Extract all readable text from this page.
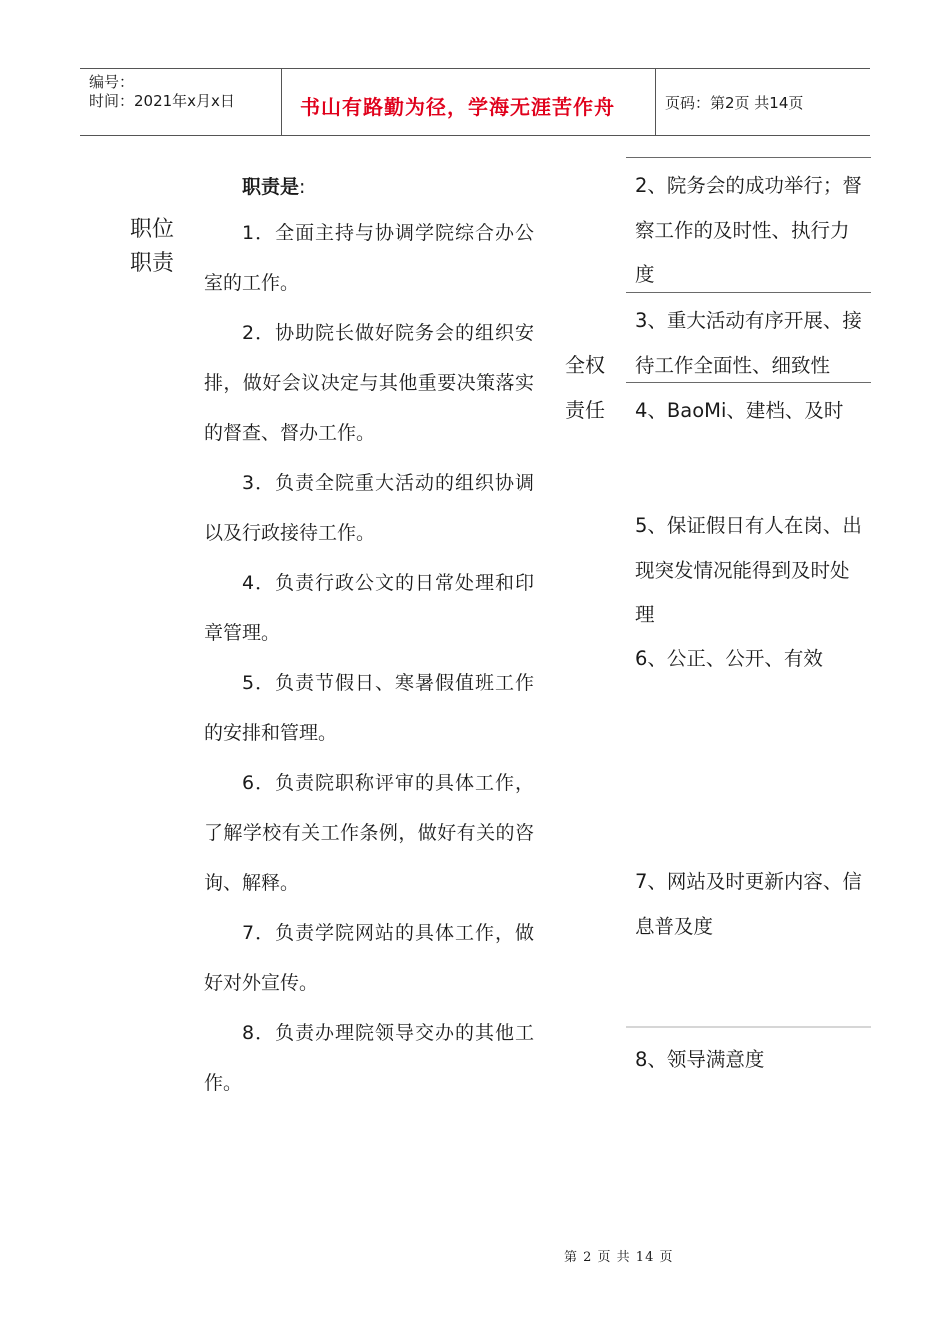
编号：
时间：2021年x月x日	书山有路勤为径，学海无涯苦作舟	页码：第2页 共14页
职位
职责
职责是:
1．全面主持与协调学院综合办公室的工作。
2．协助院长做好院务会的组织安排，做好会议决定与其他重要决策落实的督查、督办工作。
3．负责全院重大活动的组织协调以及行政接待工作。
4．负责行政公文的日常处理和印章管理。
5．负责节假日、寒暑假值班工作的安排和管理。
6．负责院职称评审的具体工作，了解学校有关工作条例，做好有关的咨询、解释。
7．负责学院网站的具体工作，做好对外宣传。
8．负责办理院领导交办的其他工作。
全权
责任
2、院务会的成功举行；督察工作的及时性、执行力度
3、重大活动有序开展、接待工作全面性、细致性
4、BaoMi、建档、及时
5、保证假日有人在岗、出现突发情况能得到及时处理
6、公正、公开、有效
7、网站及时更新内容、信息普及度
8、领导满意度
第 2 页 共 14 页
